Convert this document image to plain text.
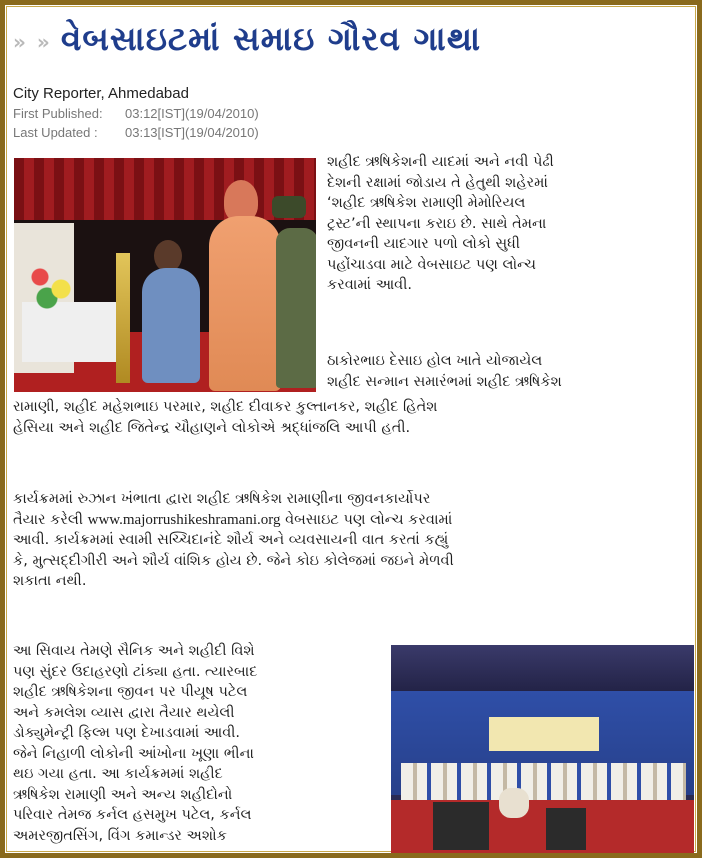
» » વેબસાઇટમાં સમાઇ ગૌરવ ગાથા
City Reporter, Ahmedabad
First Published: 03:12[IST](19/04/2010)
Last Updated : 03:13[IST](19/04/2010)
શહીદ ઋષિકેશની યાદમાં અને નવી પેઢી
દેશની રક્ષામાં જોડાય તે હેતુથી શહેરમાં
‘શહીદ ઋષિકેશ રામાણી મેમોરિયલ
ટ્રસ્ટ’ની સ્થાપના કરાઇ છે. સાથે તેમના
જીવનની યાદગાર પળો લોકો સુધી
પહોંચાડવા માટે વેબસાઇટ પણ લોન્ચ
કરવામાં આવી.
ઠાકોરભાઇ દેસાઇ હોલ ખાતે યોજાયેલ
શહીદ સન્માન સમારંભમાં શહીદ ઋષિકેશ
રામાણી, શહીદ મહેશભાઇ પરમાર, શહીદ દીવાકર કુલ્તાનકર, શહીદ હિતેશ
હેસિયા અને શહીદ જિતેન્દ્ર ચૌહાણને લોકોએ શ્રદ્ધાંજલિ આપી હતી.
કાર્યક્રમમાં રુઝાન ખંભાતા દ્વારા શહીદ ઋષિકેશ રામાણીના જીવનકાર્યોપર
તૈયાર કરેલી www.majorrushikeshramani.org વેબસાઇટ પણ લોન્ચ કરવામાં
આવી. કાર્યક્રમમાં સ્વામી સચ્ચિદાનંદે શૌર્ય અને વ્યવસાયની વાત કરતાં કહ્યું
કે, મુત્સદ્દીગીરી અને શૌર્ય વાંશિક હોય છે. જેને કોઇ કોલેજમાં જઇને મેળવી
શકાતા નથી.
આ સિવાય તેમણે સૈનિક અને શહીદી વિશે
પણ સુંદર ઉદાહરણો ટાંક્યા હતા. ત્યારબાદ
શહીદ ઋષિકેશના જીવન પર પીયૂષ પટેલ
અને કમલેશ વ્યાસ દ્વારા તૈયાર થયેલી
ડોક્યુમેન્ટ્રી ફિલ્મ પણ દેખાડવામાં આવી.
જેને નિહાળી લોકોની આંખોના ખૂણા ભીના
થઇ ગયા હતા. આ કાર્યક્રમમાં શહીદ
ઋષિકેશ રામાણી અને અન્ય શહીદોનો
પરિવાર તેમજ કર્નલ હસમુખ પટેલ, કર્નલ
અમરજીતસિંગ, વિંગ કમાન્ડર અશોક
